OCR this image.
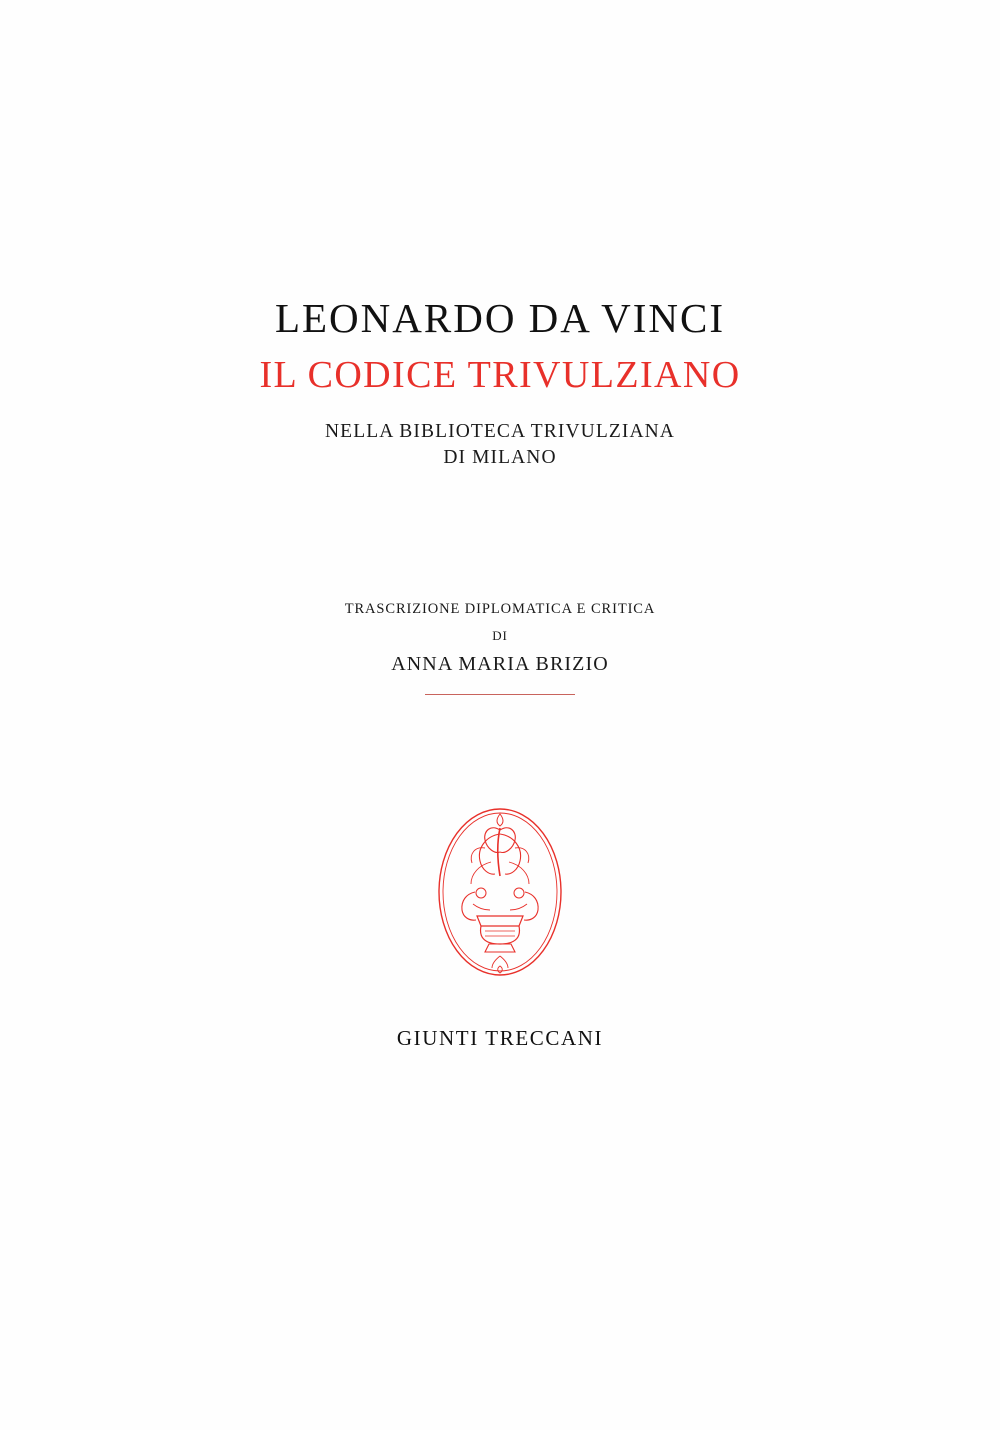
LEONARDO DA VINCI
IL CODICE TRIVULZIANO

NELLA BIBLIOTECA TRIVULZIANA

DI MILANO

TRASCRIZIONE DIPLOMATICA E CRITICA
DI
ANNA MARIA BRIZIO
GIUNTI TRECCANI
